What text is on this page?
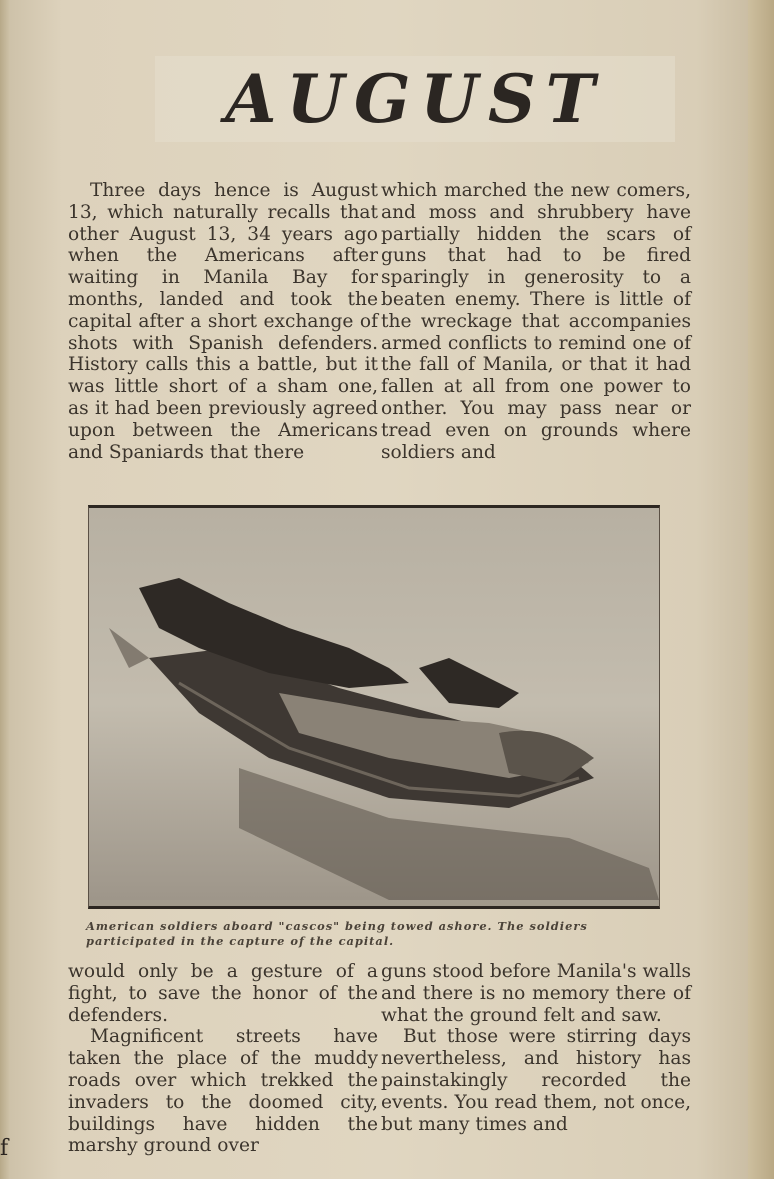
AUGUST

Three days hence is August 13, which naturally recalls that other August 13, 34 years ago when the Americans after waiting in Manila Bay for months, landed and took the capital after a short exchange of shots with Spanish defenders. History calls this a battle, but it was little short of a sham one, as it had been previously agreed upon between the Americans and Spaniards that there

which marched the new comers, and moss and shrubbery have partially hidden the scars of guns that had to be fired sparingly in generosity to a beaten enemy. There is little of the wreckage that accompanies armed conflicts to remind one of the fall of Manila, or that it had fallen at all from one power to onther. You may pass near or tread even on grounds where soldiers and

American soldiers aboard "cascos" being towed ashore. The soldiers
participated in the capture of the capital.

would only be a gesture of a fight, to save the honor of the defenders.

Magnificent streets have taken the place of the muddy roads over which trekked the invaders to the doomed city, buildings have hidden the marshy ground over

guns stood before Manila's walls and there is no memory there of what the ground felt and saw.

But those were stirring days nevertheless, and history has painstakingly recorded the events. You read them, not once, but many times and

f
